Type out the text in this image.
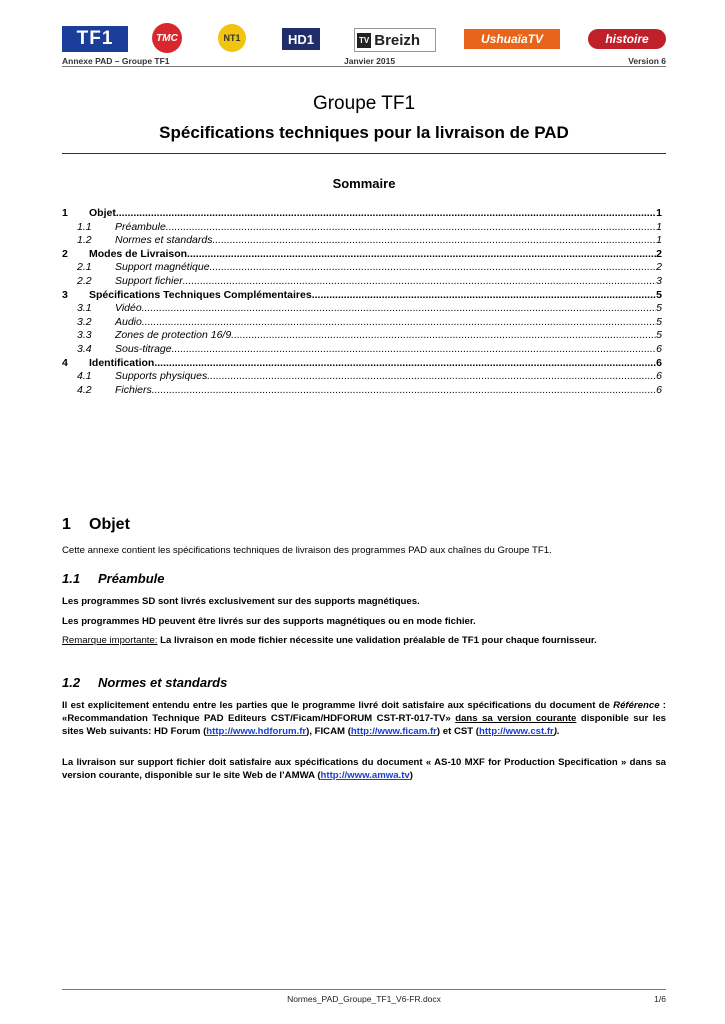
TF1	TMC	NT1	HD1	TV Breizh	UshuaïaTV	histoire
Annexe PAD – Groupe TF1	Janvier 2015	Version 6
Groupe TF1
Spécifications techniques pour la livraison de PAD
Sommaire
1	Objet .....	1
1.1	Préambule .....	1
1.2	Normes et standards .....	1
2	Modes de Livraison .....	2
2.1	Support magnétique .....	2
2.2	Support fichier .....	3
3	Spécifications Techniques Complémentaires .....	5
3.1	Vidéo .....	5
3.2	Audio .....	5
3.3	Zones de protection 16/9 .....	5
3.4	Sous-titrage .....	6
4	Identification .....	6
4.1	Supports physiques .....	6
4.2	Fichiers .....	6
1 Objet
Cette annexe contient les spécifications techniques de livraison des programmes PAD aux chaînes du Groupe TF1.
1.1 Préambule
Les programmes SD sont livrés exclusivement sur des supports magnétiques.
Les programmes HD peuvent être livrés sur des supports magnétiques ou en mode fichier.
Remarque importante: La livraison en mode fichier nécessite une validation préalable de TF1 pour chaque fournisseur.
1.2 Normes et standards
Il est explicitement entendu entre les parties que le programme livré doit satisfaire aux spécifications du document de Référence : «Recommandation Technique PAD Editeurs CST/Ficam/HDFORUM CST-RT-017-TV» dans sa version courante disponible sur les sites Web suivants: HD Forum (http://www.hdforum.fr), FICAM (http://www.ficam.fr) et CST (http://www.cst.fr).
La livraison sur support fichier doit satisfaire aux spécifications du document « AS-10 MXF for Production Specification » dans sa version courante, disponible sur le site Web de l’AMWA (http://www.amwa.tv)
Normes_PAD_Groupe_TF1_V6-FR.docx	1/6
